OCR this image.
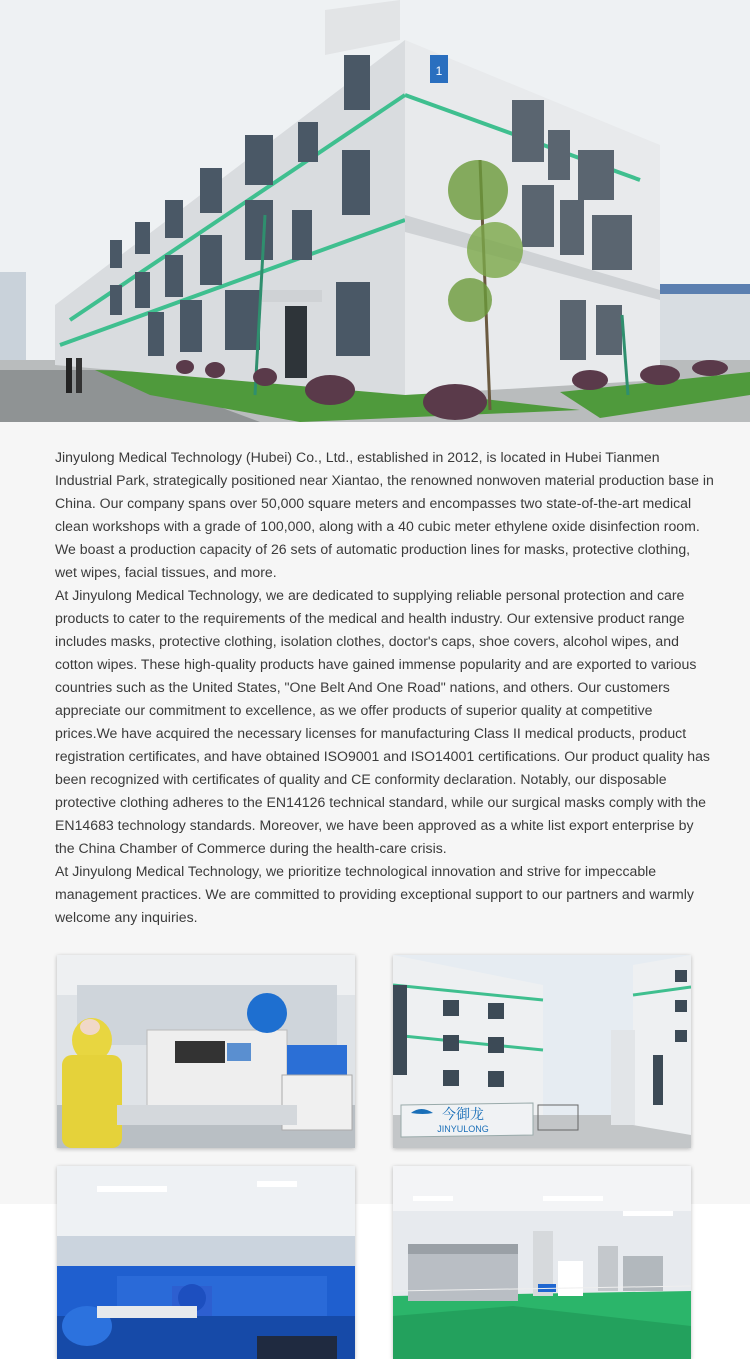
1

Jinyulong Medical Technology (Hubei) Co., Ltd., established in 2012, is located in Hubei Tianmen Industrial Park, strategically positioned near Xiantao, the renowned nonwoven material production base in China. Our company spans over 50,000 square meters and encompasses two state-of-the-art medical clean workshops with a grade of 100,000, along with a 40 cubic meter ethylene oxide disinfection room. We boast a production capacity of 26 sets of automatic production lines for masks, protective clothing, wet wipes, facial tissues, and more.

At Jinyulong Medical Technology, we are dedicated to supplying reliable personal protection and care products to cater to the requirements of the medical and health industry. Our extensive product range includes masks, protective clothing, isolation clothes, doctor's caps, shoe covers, alcohol wipes, and cotton wipes. These high-quality products have gained immense popularity and are exported to various countries such as the United States, "One Belt And One Road" nations, and others. Our customers appreciate our commitment to excellence, as we offer products of superior quality at competitive prices.We have acquired the necessary licenses for manufacturing Class II medical products, product registration certificates, and have obtained ISO9001 and ISO14001 certifications. Our product quality has been recognized with certificates of quality and CE conformity declaration. Notably, our disposable protective clothing adheres to the EN14126 technical standard, while our surgical masks comply with the EN14683 technology standards. Moreover, we have been approved as a white list export enterprise by the China Chamber of Commerce during the health-care crisis.

At Jinyulong Medical Technology, we prioritize technological innovation and strive for impeccable management practices. We are committed to providing exceptional support to our partners and warmly welcome any inquiries.

今御龙
JINYULONG
